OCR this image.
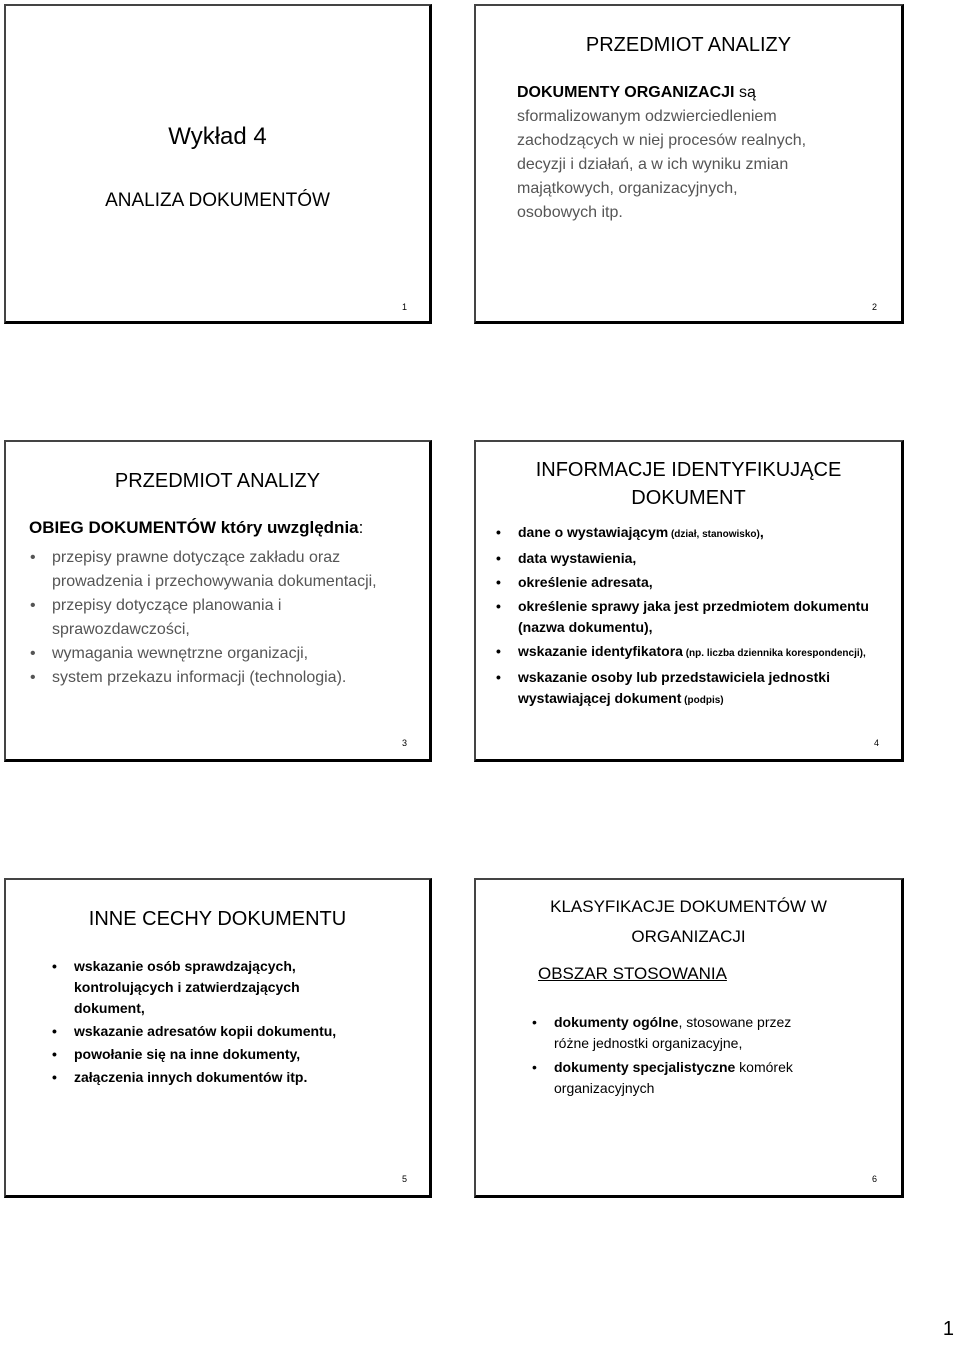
Wykład 4
ANALIZA DOKUMENTÓW
1
PRZEDMIOT ANALIZY
DOKUMENTY ORGANIZACJI są
sformalizowanym odzwierciedleniem
zachodzących w niej procesów realnych,
decyzji i działań, a w ich wyniku zmian
majątkowych, organizacyjnych,
osobowych itp.
2
PRZEDMIOT ANALIZY
OBIEG DOKUMENTÓW który uwzględnia:
• przepisy prawne dotyczące zakładu oraz prowadzenia i przechowywania dokumentacji,
• przepisy dotyczące planowania i sprawozdawczości,
• wymagania wewnętrzne organizacji,
• system przekazu informacji (technologia).
3
INFORMACJE IDENTYFIKUJĄCE
DOKUMENT
• dane o wystawiającym (dział, stanowisko),
• data wystawienia,
• określenie adresata,
• określenie sprawy jaka jest przedmiotem dokumentu (nazwa dokumentu),
• wskazanie identyfikatora (np. liczba dziennika korespondencji),
• wskazanie osoby lub przedstawiciela jednostki wystawiającej dokument (podpis)
4
INNE CECHY DOKUMENTU
• wskazanie osób sprawdzających, kontrolujących i zatwierdzających dokument,
• wskazanie adresatów kopii dokumentu,
• powołanie się na inne dokumenty,
• załączenia innych dokumentów itp.
5
KLASYFIKACJE DOKUMENTÓW W
ORGANIZACJI
OBSZAR STOSOWANIA
• dokumenty ogólne, stosowane przez różne jednostki organizacyjne,
• dokumenty specjalistyczne komórek organizacyjnych
6
1
